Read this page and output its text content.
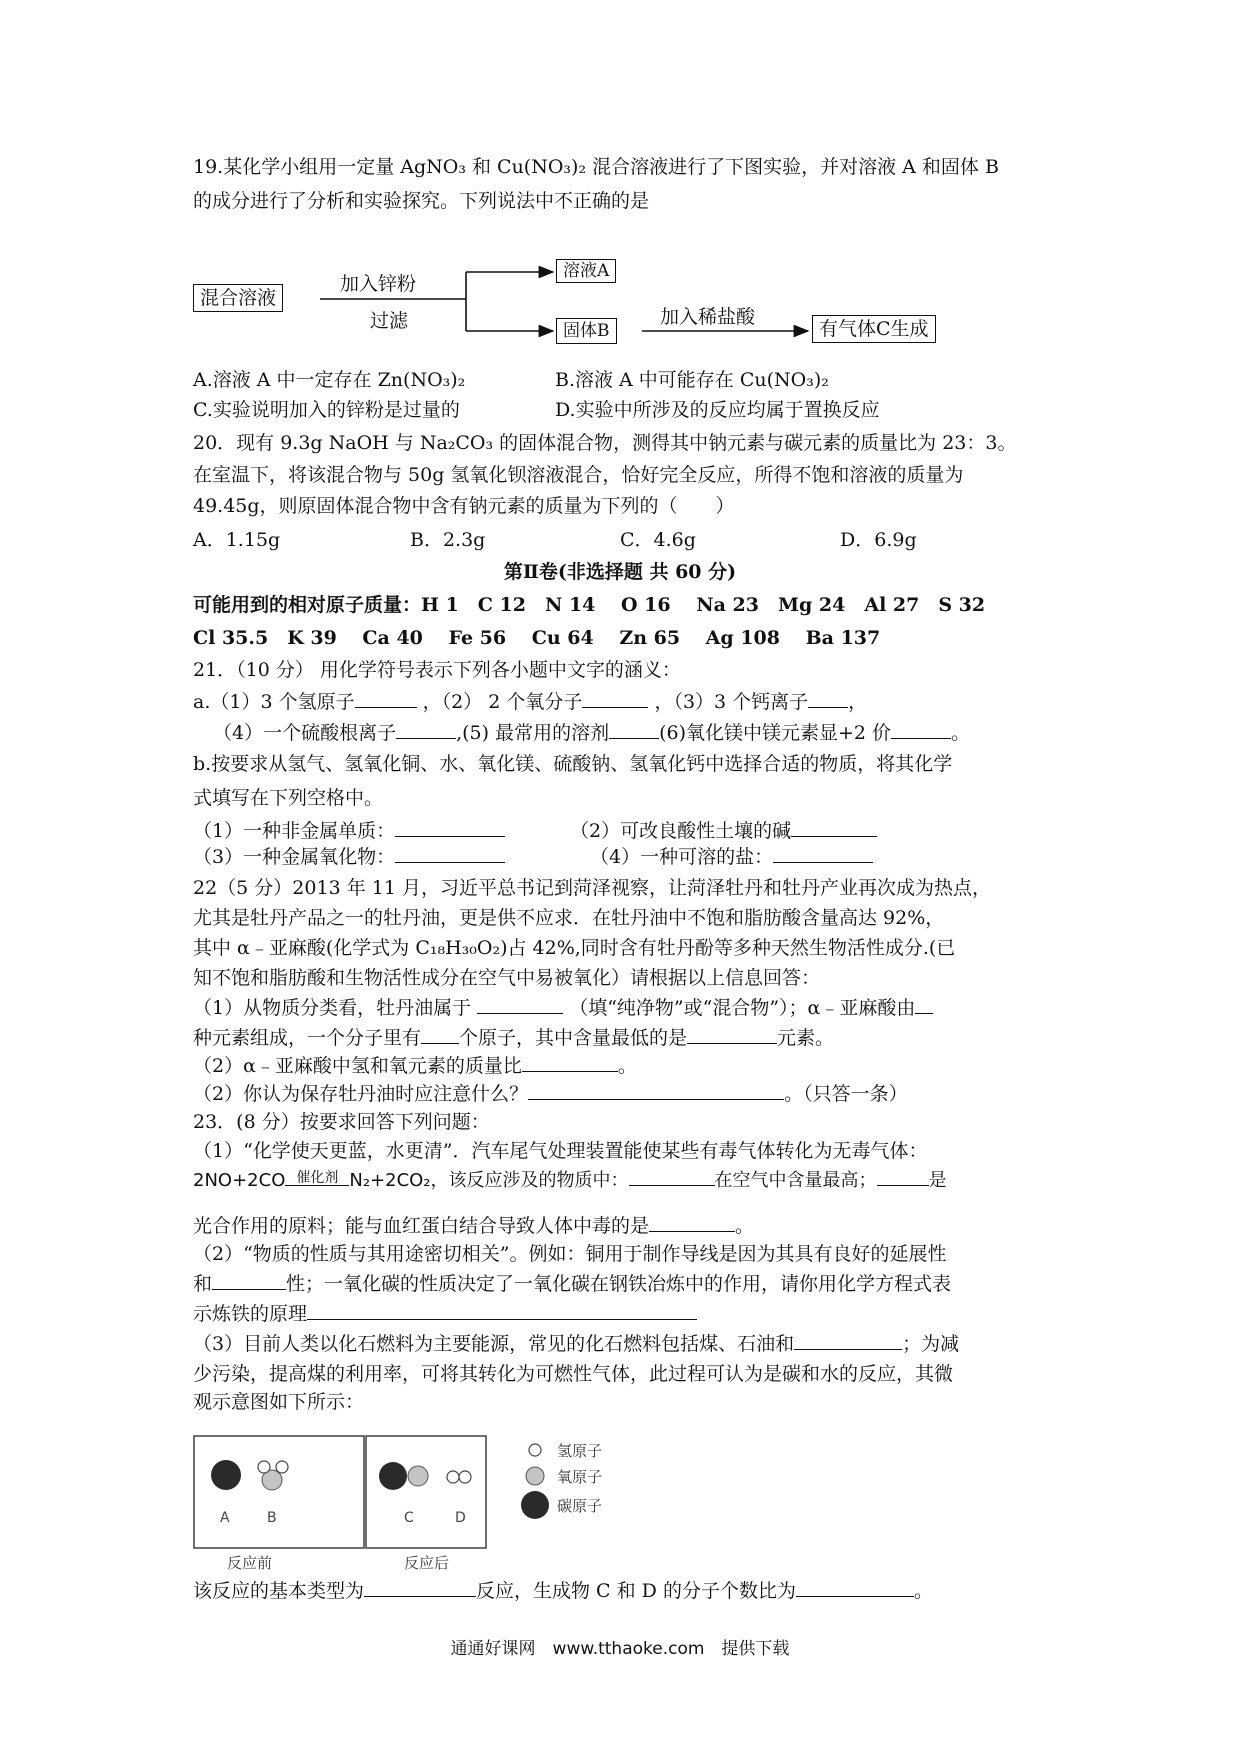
19.某化学小组用一定量 AgNO₃ 和 Cu(NO₃)₂ 混合溶液进行了下图实验，并对溶液 A 和固体 B
的成分进行了分析和实验探究。下列说法中不正确的是
混合溶液
加入锌粉
过滤
溶液A
固体B
加入稀盐酸
有气体C生成
A.溶液 A 中一定存在 Zn(NO₃)₂	B.溶液 A 中可能存在 Cu(NO₃)₂
C.实验说明加入的锌粉是过量的	D.实验中所涉及的反应均属于置换反应
20．现有 9.3g NaOH 与 Na₂CO₃ 的固体混合物，测得其中钠元素与碳元素的质量比为 23：3。
在室温下，将该混合物与 50g 氢氧化钡溶液混合，恰好完全反应，所得不饱和溶液的质量为
49.45g，则原固体混合物中含有钠元素的质量为下列的（　　）
A．1.15g	B．2.3g	C．4.6g	D．6.9g
第Ⅱ卷(非选择题 共 60 分)
可能用到的相对原子质量：H 1　C 12　N 14　 O 16　 Na 23　Mg 24　Al 27　S 32
Cl 35.5　K 39　 Ca 40　 Fe 56　 Cu 64　 Zn 65　 Ag 108　 Ba 137
21．（10 分） 用化学符号表示下列各小题中文字的涵义：
a.（1）3 个氢原子	，（2） 2 个氧分子	，（3）3 个钙离子 ，
（4）一个硫酸根离子	,(5) 最常用的溶剂	(6)氧化镁中镁元素显+2 价	。
b.按要求从氢气、氢氧化铜、水、氧化镁、硫酸钠、氢氧化钙中选择合适的物质，将其化学
式填写在下列空格中。
（1）一种非金属单质：	（2）可改良酸性土壤的碱
（3）一种金属氧化物：	（4）一种可溶的盐：
22（5 分）2013 年 11 月，习近平总书记到菏泽视察，让菏泽牡丹和牡丹产业再次成为热点，
尤其是牡丹产品之一的牡丹油，更是供不应求．在牡丹油中不饱和脂肪酸含量高达 92%，
其中 α﹣亚麻酸(化学式为 C₁₈H₃₀O₂)占 42%,同时含有牡丹酚等多种天然生物活性成分.(已
知不饱和脂肪酸和生物活性成分在空气中易被氧化）请根据以上信息回答：
（1）从物质分类看，牡丹油属于	（填“纯净物”或“混合物”）；α﹣亚麻酸由
种元素组成，一个分子里有 个原子，其中含量最低的是	元素。
（2）α﹣亚麻酸中氢和氧元素的质量比	。
（2）你认为保存牡丹油时应注意什么？	。（只答一条）
23．(8 分）按要求回答下列问题：
（1）“化学使天更蓝，水更清”．汽车尾气处理装置能使某些有毒气体转化为无毒气体：
2NO+2CO 催化剂 N₂+2CO₂，该反应涉及的物质中：	在空气中含量最高；	是
光合作用的原料；能与血红蛋白结合导致人体中毒的是	。
（2）“物质的性质与其用途密切相关”。例如：铜用于制作导线是因为其具有良好的延展性
和	性；一氧化碳的性质决定了一氧化碳在钢铁冶炼中的作用，请你用化学方程式表
示炼铁的原理
（3）目前人类以化石燃料为主要能源，常见的化石燃料包括煤、石油和	；为减
少污染，提高煤的利用率，可将其转化为可燃性气体，此过程可认为是碳和水的反应，其微
观示意图如下所示：
A	B	C	D
反应前	反应后
氢原子
氧原子
碳原子
该反应的基本类型为	反应，生成物 C 和 D 的分子个数比为	。
通通好课网　www.tthaoke.com　提供下载
